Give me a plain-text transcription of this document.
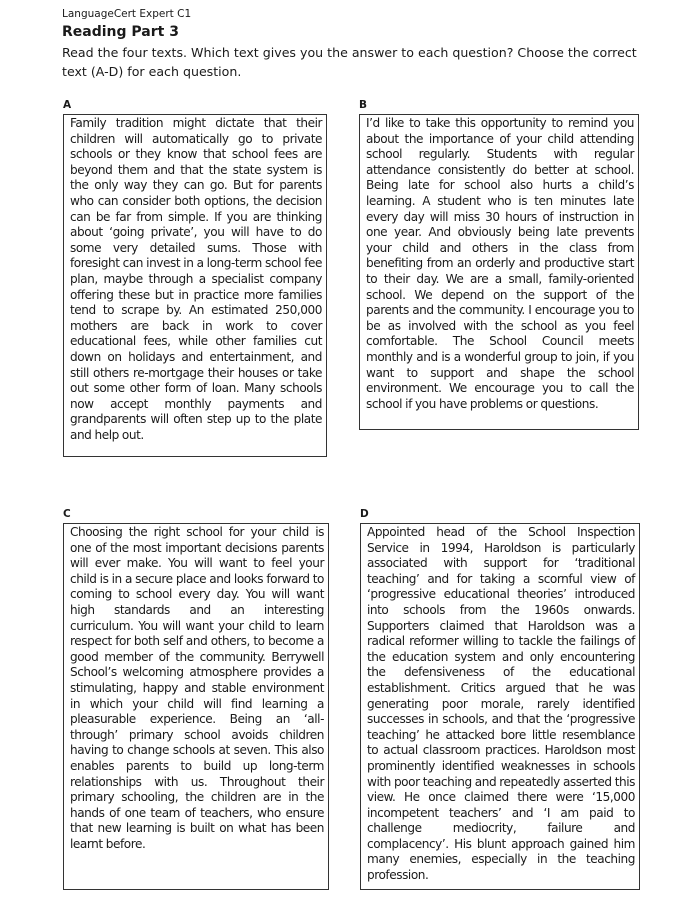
LanguageCert Expert C1
Reading Part 3
Read the four texts. Which text gives you the answer to each question? Choose the correct text (A-D) for each question.
A
Family tradition might dictate that their children will automatically go to private schools or they know that school fees are beyond them and that the state system is the only way they can go. But for parents who can consider both options, the decision can be far from simple. If you are thinking about ‘going private’, you will have to do some very detailed sums. Those with foresight can invest in a long-term school fee plan, maybe through a specialist company offering these but in practice more families tend to scrape by. An estimated 250,000 mothers are back in work to cover educational fees, while other families cut down on holidays and entertainment, and still others re-mortgage their houses or take out some other form of loan. Many schools now accept monthly payments and grandparents will often step up to the plate and help out.
B
I’d like to take this opportunity to remind you about the importance of your child attending school regularly. Students with regular attendance consistently do better at school. Being late for school also hurts a child’s learning. A student who is ten minutes late every day will miss 30 hours of instruction in one year. And obviously being late prevents your child and others in the class from benefiting from an orderly and productive start to their day. We are a small, family-oriented school. We depend on the support of the parents and the community. I encourage you to be as involved with the school as you feel comfortable. The School Council meets monthly and is a wonderful group to join, if you want to support and shape the school environment. We encourage you to call the school if you have problems or questions.
C
Choosing the right school for your child is one of the most important decisions parents will ever make. You will want to feel your child is in a secure place and looks forward to coming to school every day. You will want high standards and an interesting curriculum. You will want your child to learn respect for both self and others, to become a good member of the community. Berrywell School’s welcoming atmosphere provides a stimulating, happy and stable environment in which your child will find learning a pleasurable experience. Being an ‘all-through’ primary school avoids children having to change schools at seven. This also enables parents to build up long-term relationships with us. Throughout their primary schooling, the children are in the hands of one team of teachers, who ensure that new learning is built on what has been learnt before.
D
Appointed head of the School Inspection Service in 1994, Haroldson is particularly associated with support for ‘traditional teaching’ and for taking a scornful view of ‘progressive educational theories’ introduced into schools from the 1960s onwards. Supporters claimed that Haroldson was a radical reformer willing to tackle the failings of the education system and only encountering the defensiveness of the educational establishment. Critics argued that he was generating poor morale, rarely identified successes in schools, and that the ‘progressive teaching’ he attacked bore little resemblance to actual classroom practices. Haroldson most prominently identified weaknesses in schools with poor teaching and repeatedly asserted this view. He once claimed there were ‘15,000 incompetent teachers’ and ‘I am paid to challenge mediocrity, failure and complacency’. His blunt approach gained him many enemies, especially in the teaching profession.
